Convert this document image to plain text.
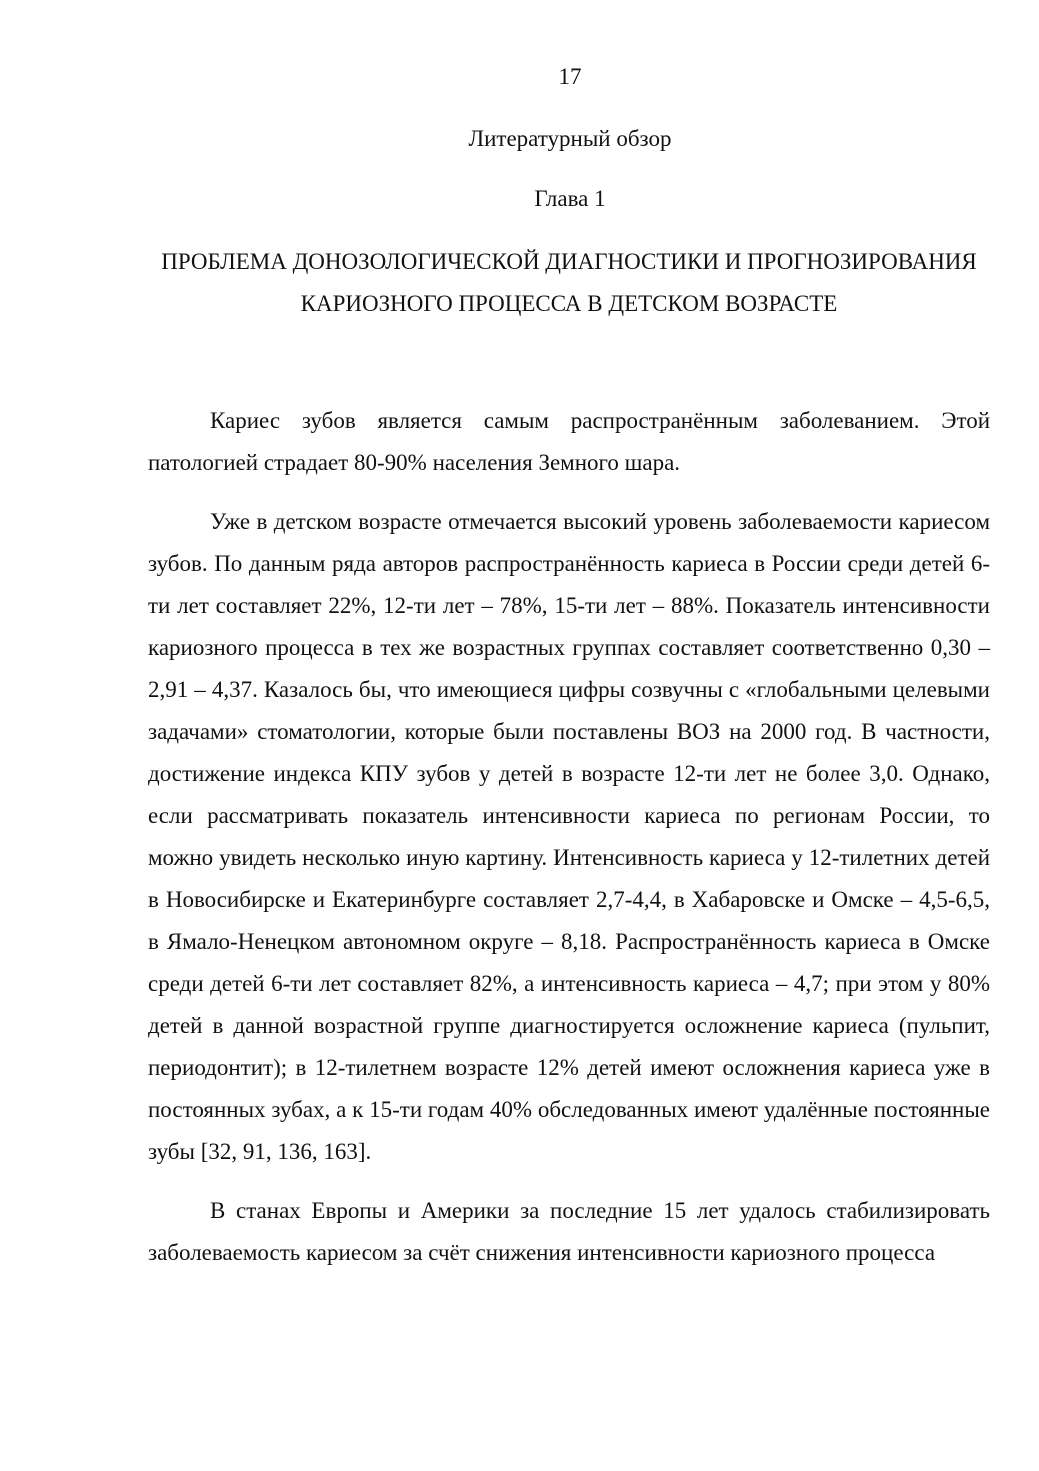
17
Литературный обзор
Глава 1
ПРОБЛЕМА ДОНОЗОЛОГИЧЕСКОЙ ДИАГНОСТИКИ И ПРОГНОЗИРОВАНИЯ КАРИОЗНОГО ПРОЦЕССА В ДЕТСКОМ ВОЗРАСТЕ

Кариес зубов является самым распространённым заболеванием. Этой патологией страдает 80-90% населения Земного шара.

Уже в детском возрасте отмечается высокий уровень заболеваемости кариесом зубов. По данным ряда авторов распространённость кариеса в России среди детей 6-ти лет составляет 22%, 12-ти лет – 78%, 15-ти лет – 88%. Показатель интенсивности кариозного процесса в тех же возрастных группах составляет соответственно 0,30 – 2,91 – 4,37. Казалось бы, что имеющиеся цифры созвучны с «глобальными целевыми задачами» стоматологии, которые были поставлены ВОЗ на 2000 год. В частности, достижение индекса КПУ зубов у детей в возрасте 12-ти лет не более 3,0. Однако, если рассматривать показатель интенсивности кариеса по регионам России, то можно увидеть несколько иную картину. Интенсивность кариеса у 12-тилетних детей в Новосибирске и Екатеринбурге составляет 2,7-4,4, в Хабаровске и Омске – 4,5-6,5, в Ямало-Ненецком автономном округе – 8,18. Распространённость кариеса в Омске среди детей 6-ти лет составляет 82%, а интенсивность кариеса – 4,7; при этом у 80% детей в данной возрастной группе диагностируется осложнение кариеса (пульпит, периодонтит); в 12-тилетнем возрасте 12% детей имеют осложнения кариеса уже в постоянных зубах, а к 15-ти годам 40% обследованных имеют удалённые постоянные зубы [32, 91, 136, 163].

В станах Европы и Америки за последние 15 лет удалось стабилизировать заболеваемость кариесом за счёт снижения интенсивности кариозного процесса
